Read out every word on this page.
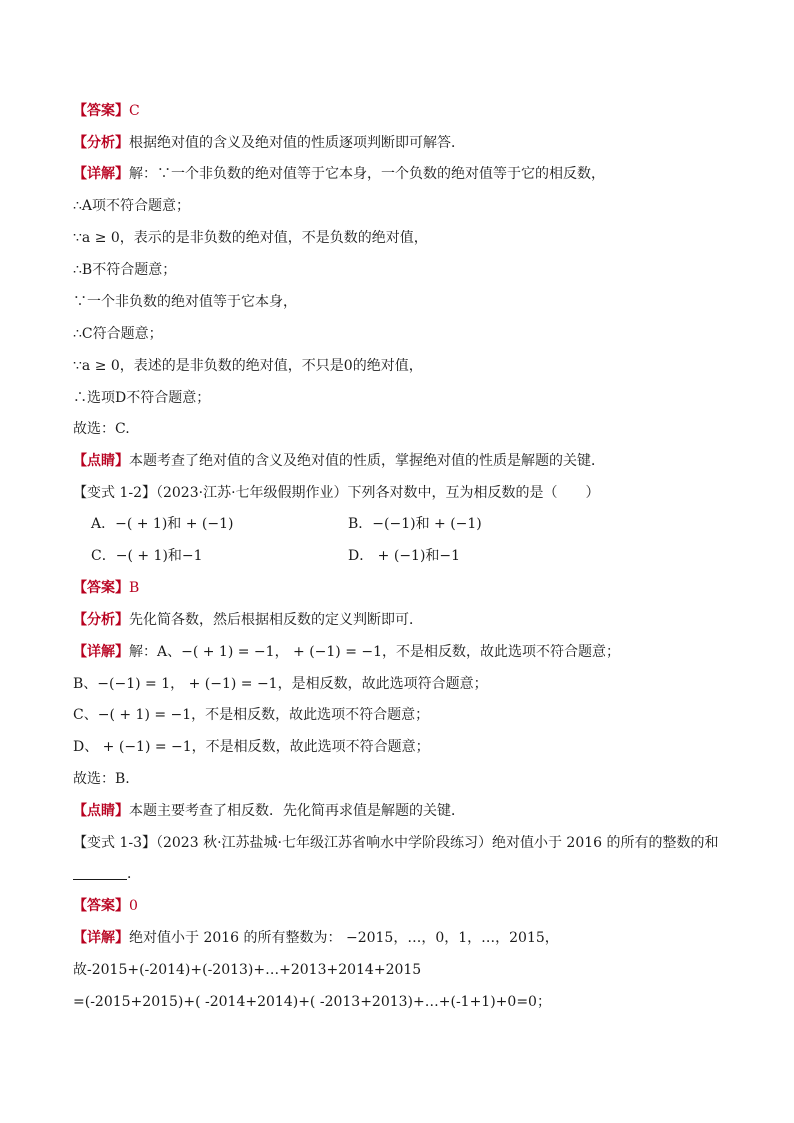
【答案】C
【分析】根据绝对值的含义及绝对值的性质逐项判断即可解答．
【详解】解：∵一个非负数的绝对值等于它本身，一个负数的绝对值等于它的相反数，
∴A项不符合题意；
∵a ≥ 0，表示的是非负数的绝对值，不是负数的绝对值，
∴B不符合题意；
∵一个非负数的绝对值等于它本身，
∴C符合题意；
∵a ≥ 0，表述的是非负数的绝对值，不只是0的绝对值，
∴选项D不符合题意；
故选：C.
【点睛】本题考查了绝对值的含义及绝对值的性质，掌握绝对值的性质是解题的关键．
【变式 1-2】（2023·江苏·七年级假期作业）下列各对数中，互为相反数的是（　　）
A．−( + 1)和 + (−1)	B．−(−1)和 + (−1)
C．−( + 1)和−1	D． + (−1)和−1
【答案】B
【分析】先化简各数，然后根据相反数的定义判断即可．
【详解】解：A、−( + 1) = −1， + (−1) = −1，不是相反数，故此选项不符合题意；
B、−(−1) = 1， + (−1) = −1，是相反数，故此选项符合题意；
C、−( + 1) = −1，不是相反数，故此选项不符合题意；
D、 + (−1) = −1，不是相反数，故此选项不符合题意；
故选：B.
【点睛】本题主要考查了相反数．先化简再求值是解题的关键．
【变式 1-3】（2023 秋·江苏盐城·七年级江苏省响水中学阶段练习）绝对值小于 2016 的所有的整数的和
．
【答案】0
【详解】绝对值小于 2016 的所有整数为： −2015，…，0，1，…，2015，
故-2015+(-2014)+(-2013)+…+2013+2014+2015
=(-2015+2015)+( -2014+2014)+( -2013+2013)+…+(-1+1)+0=0；
